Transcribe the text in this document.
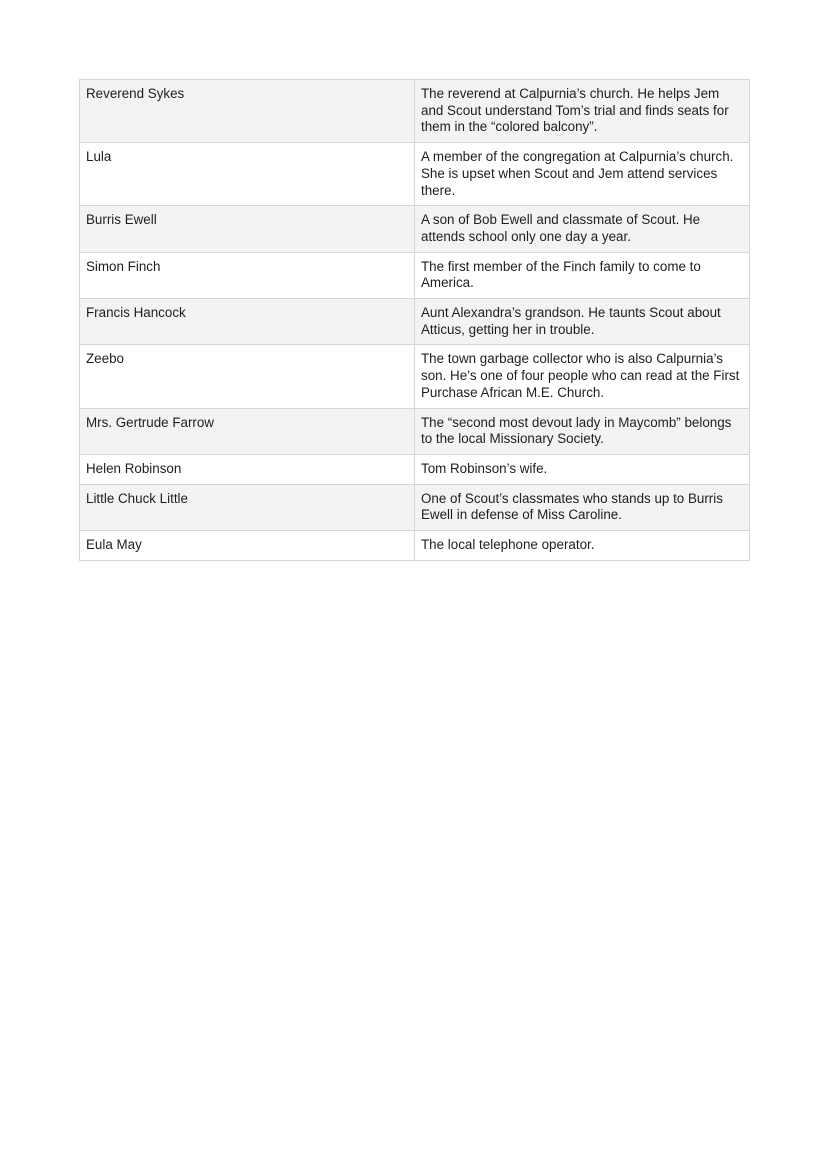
Reverend Sykes	The reverend at Calpurnia’s church. He helps Jem and Scout understand Tom’s trial and finds seats for them in the “colored balcony”.
Lula	A member of the congregation at Calpurnia’s church. She is upset when Scout and Jem attend services there.
Burris Ewell	A son of Bob Ewell and classmate of Scout. He attends school only one day a year.
Simon Finch	The first member of the Finch family to come to America.
Francis Hancock	Aunt Alexandra’s grandson. He taunts Scout about Atticus, getting her in trouble.
Zeebo	The town garbage collector who is also Calpurnia’s son. He’s one of four people who can read at the First Purchase African M.E. Church.
Mrs. Gertrude Farrow	The “second most devout lady in Maycomb” belongs to the local Missionary Society.
Helen Robinson	Tom Robinson’s wife.
Little Chuck Little	One of Scout’s classmates who stands up to Burris Ewell in defense of Miss Caroline.
Eula May	The local telephone operator.
